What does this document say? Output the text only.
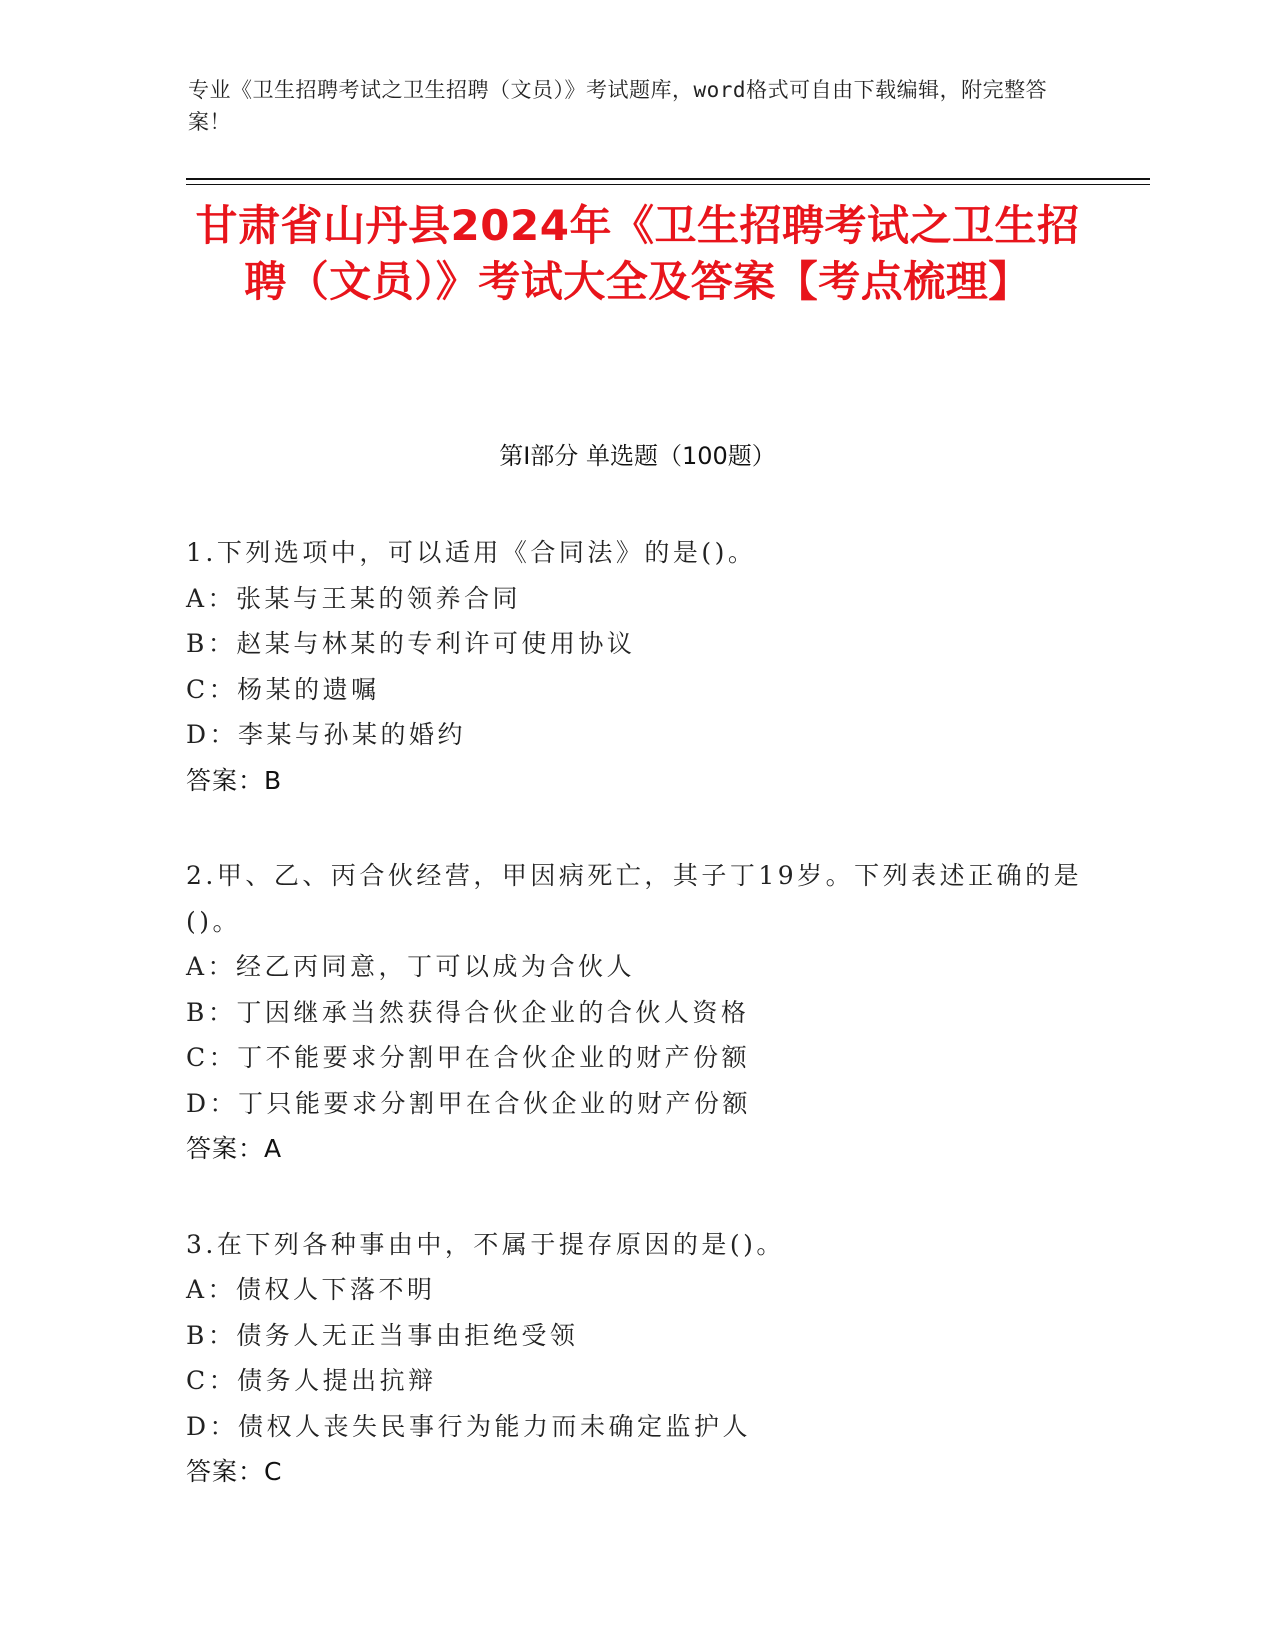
专业《卫生招聘考试之卫生招聘（文员）》考试题库，word格式可自由下载编辑，附完整答案！
甘肃省山丹县2024年《卫生招聘考试之卫生招聘（文员）》考试大全及答案【考点梳理】
第I部分 单选题（100题）
1.下列选项中，可以适用《合同法》的是()。
A：张某与王某的领养合同
B：赵某与林某的专利许可使用协议
C：杨某的遗嘱
D：李某与孙某的婚约
答案：B
2.甲、乙、丙合伙经营，甲因病死亡，其子丁19岁。下列表述正确的是()。
A：经乙丙同意，丁可以成为合伙人
B：丁因继承当然获得合伙企业的合伙人资格
C：丁不能要求分割甲在合伙企业的财产份额
D：丁只能要求分割甲在合伙企业的财产份额
答案：A
3.在下列各种事由中，不属于提存原因的是()。
A：债权人下落不明
B：债务人无正当事由拒绝受领
C：债务人提出抗辩
D：债权人丧失民事行为能力而未确定监护人
答案：C
